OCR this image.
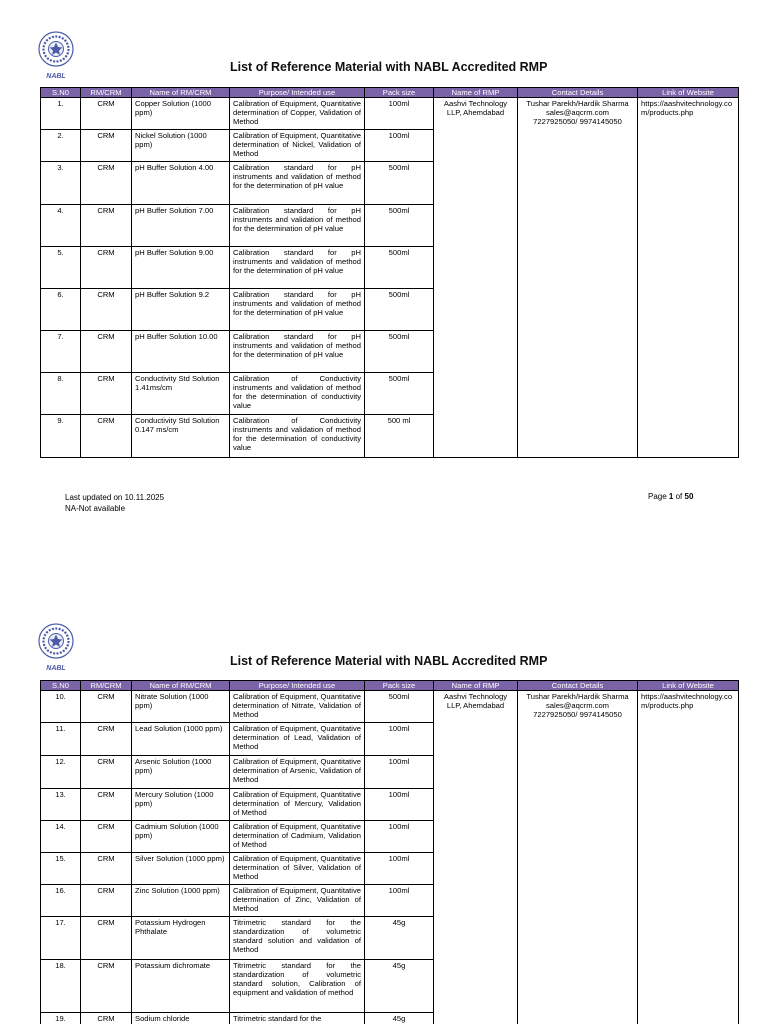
NABL
List of Reference Material with NABL Accredited RMP
S.N0	RM/CRM	Name of RM/CRM	Purpose/ Intended use	Pack size	Name of RMP	Contact Details	Link of Website
1.	CRM	Copper Solution (1000 ppm)	Calibration of Equipment, Quantitative determination of Copper, Validation of Method	100ml	Aashvi Technology LLP, Ahemdabad	Tushar Parekh/Hardik Sharma
sales@aqcrm.com
7227925050/ 9974145050	https://aashvitechnology.com/products.php
2.	CRM	Nickel Solution (1000 ppm)	Calibration of Equipment, Quantitative determination of Nickel, Validation of Method	100ml			
3.	CRM	pH Buffer Solution 4.00	Calibration standard for pH instruments and validation of method for the determination of pH value	500ml			
4.	CRM	pH Buffer Solution 7.00	Calibration standard for pH instruments and validation of method for the determination of pH value	500ml			
5.	CRM	pH Buffer Solution 9.00	Calibration standard for pH instruments and validation of method for the determination of pH value	500ml			
6.	CRM	pH Buffer Solution 9.2	Calibration standard for pH instruments and validation of method for the determination of pH value	500ml			
7.	CRM	pH Buffer Solution 10.00	Calibration standard for pH instruments and validation of method for the determination of pH value	500ml			
8.	CRM	Conductivity Std Solution 1.41ms/cm	Calibration of Conductivity instruments and validation of method for the determination of conductivity value	500ml			
9.	CRM	Conductivity Std Solution 0.147 ms/cm	Calibration of Conductivity instruments and validation of method for the determination of conductivity value	500 ml			
Last updated on 10.11.2025
NA-Not available
Page 1 of 50
NABL
List of Reference Material with NABL Accredited RMP
S.N0	RM/CRM	Name of RM/CRM	Purpose/ Intended use	Pack size	Name of RMP	Contact Details	Link of Website
10.	CRM	Nitrate Solution (1000 ppm)	Calibration of Equipment, Quantitative determination of Nitrate, Validation of Method	500ml	Aashvi Technology LLP, Ahemdabad	Tushar Parekh/Hardik Sharma
sales@aqcrm.com
7227925050/ 9974145050	https://aashvitechnology.com/products.php
11.	CRM	Lead Solution (1000 ppm)	Calibration of Equipment, Quantitative determination of Lead, Validation of Method	100ml			
12.	CRM	Arsenic Solution (1000 ppm)	Calibration of Equipment, Quantitative determination of Arsenic, Validation of Method	100ml			
13.	CRM	Mercury Solution (1000 ppm)	Calibration of Equipment, Quantitative determination of Mercury, Validation of Method	100ml			
14.	CRM	Cadmium Solution (1000 ppm)	Calibration of Equipment, Quantitative determination of Cadmium, Validation of Method	100ml			
15.	CRM	Silver Solution (1000 ppm)	Calibration of Equipment, Quantitative determination of Silver, Validation of Method	100ml			
16.	CRM	Zinc Solution (1000 ppm)	Calibration of Equipment, Quantitative determination of Zinc, Validation of Method	100ml			
17.	CRM	Potassium Hydrogen Phthalate	Titrimetric standard for the standardization of volumetric standard solution and validation of Method	45g			
18.	CRM	Potassium dichromate	Titrimetric standard for the standardization of volumetric standard solution, Calibration of equipment and validation of method	45g			
19.	CRM	Sodium chloride	Titrimetric standard for the	45g			
